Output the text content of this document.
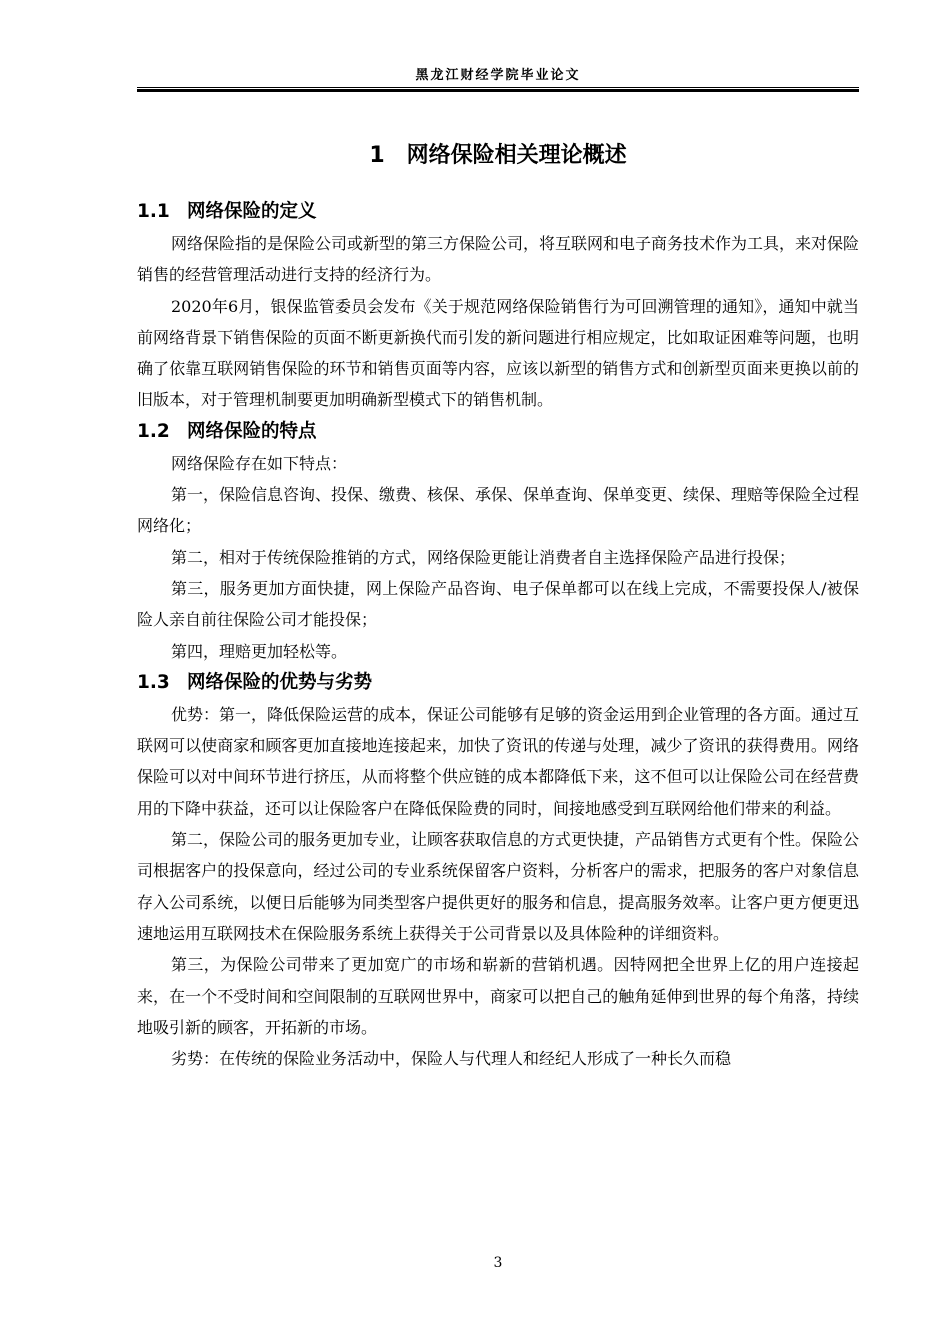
黑龙江财经学院毕业论文
1 网络保险相关理论概述
1.1 网络保险的定义

网络保险指的是保险公司或新型的第三方保险公司，将互联网和电子商务技术作为工具，来对保险销售的经营管理活动进行支持的经济行为。

2020年6月，银保监管委员会发布《关于规范网络保险销售行为可回溯管理的通知》，通知中就当前网络背景下销售保险的页面不断更新换代而引发的新问题进行相应规定，比如取证困难等问题，也明确了依靠互联网销售保险的环节和销售页面等内容，应该以新型的销售方式和创新型页面来更换以前的旧版本，对于管理机制要更加明确新型模式下的销售机制。

1.2 网络保险的特点

网络保险存在如下特点：

第一，保险信息咨询、投保、缴费、核保、承保、保单查询、保单变更、续保、理赔等保险全过程网络化；

第二，相对于传统保险推销的方式，网络保险更能让消费者自主选择保险产品进行投保；

第三，服务更加方面快捷，网上保险产品咨询、电子保单都可以在线上完成，不需要投保人/被保险人亲自前往保险公司才能投保；

第四，理赔更加轻松等。

1.3 网络保险的优势与劣势

优势：第一，降低保险运营的成本，保证公司能够有足够的资金运用到企业管理的各方面。通过互联网可以使商家和顾客更加直接地连接起来，加快了资讯的传递与处理，减少了资讯的获得费用。网络保险可以对中间环节进行挤压，从而将整个供应链的成本都降低下来，这不但可以让保险公司在经营费用的下降中获益，还可以让保险客户在降低保险费的同时，间接地感受到互联网给他们带来的利益。

第二，保险公司的服务更加专业，让顾客获取信息的方式更快捷，产品销售方式更有个性。保险公司根据客户的投保意向，经过公司的专业系统保留客户资料，分析客户的需求，把服务的客户对象信息存入公司系统，以便日后能够为同类型客户提供更好的服务和信息，提高服务效率。让客户更方便更迅速地运用互联网技术在保险服务系统上获得关于公司背景以及具体险种的详细资料。

第三，为保险公司带来了更加宽广的市场和崭新的营销机遇。因特网把全世界上亿的用户连接起来，在一个不受时间和空间限制的互联网世界中，商家可以把自己的触角延伸到世界的每个角落，持续地吸引新的顾客，开拓新的市场。

劣势：在传统的保险业务活动中，保险人与代理人和经纪人形成了一种长久而稳

3
